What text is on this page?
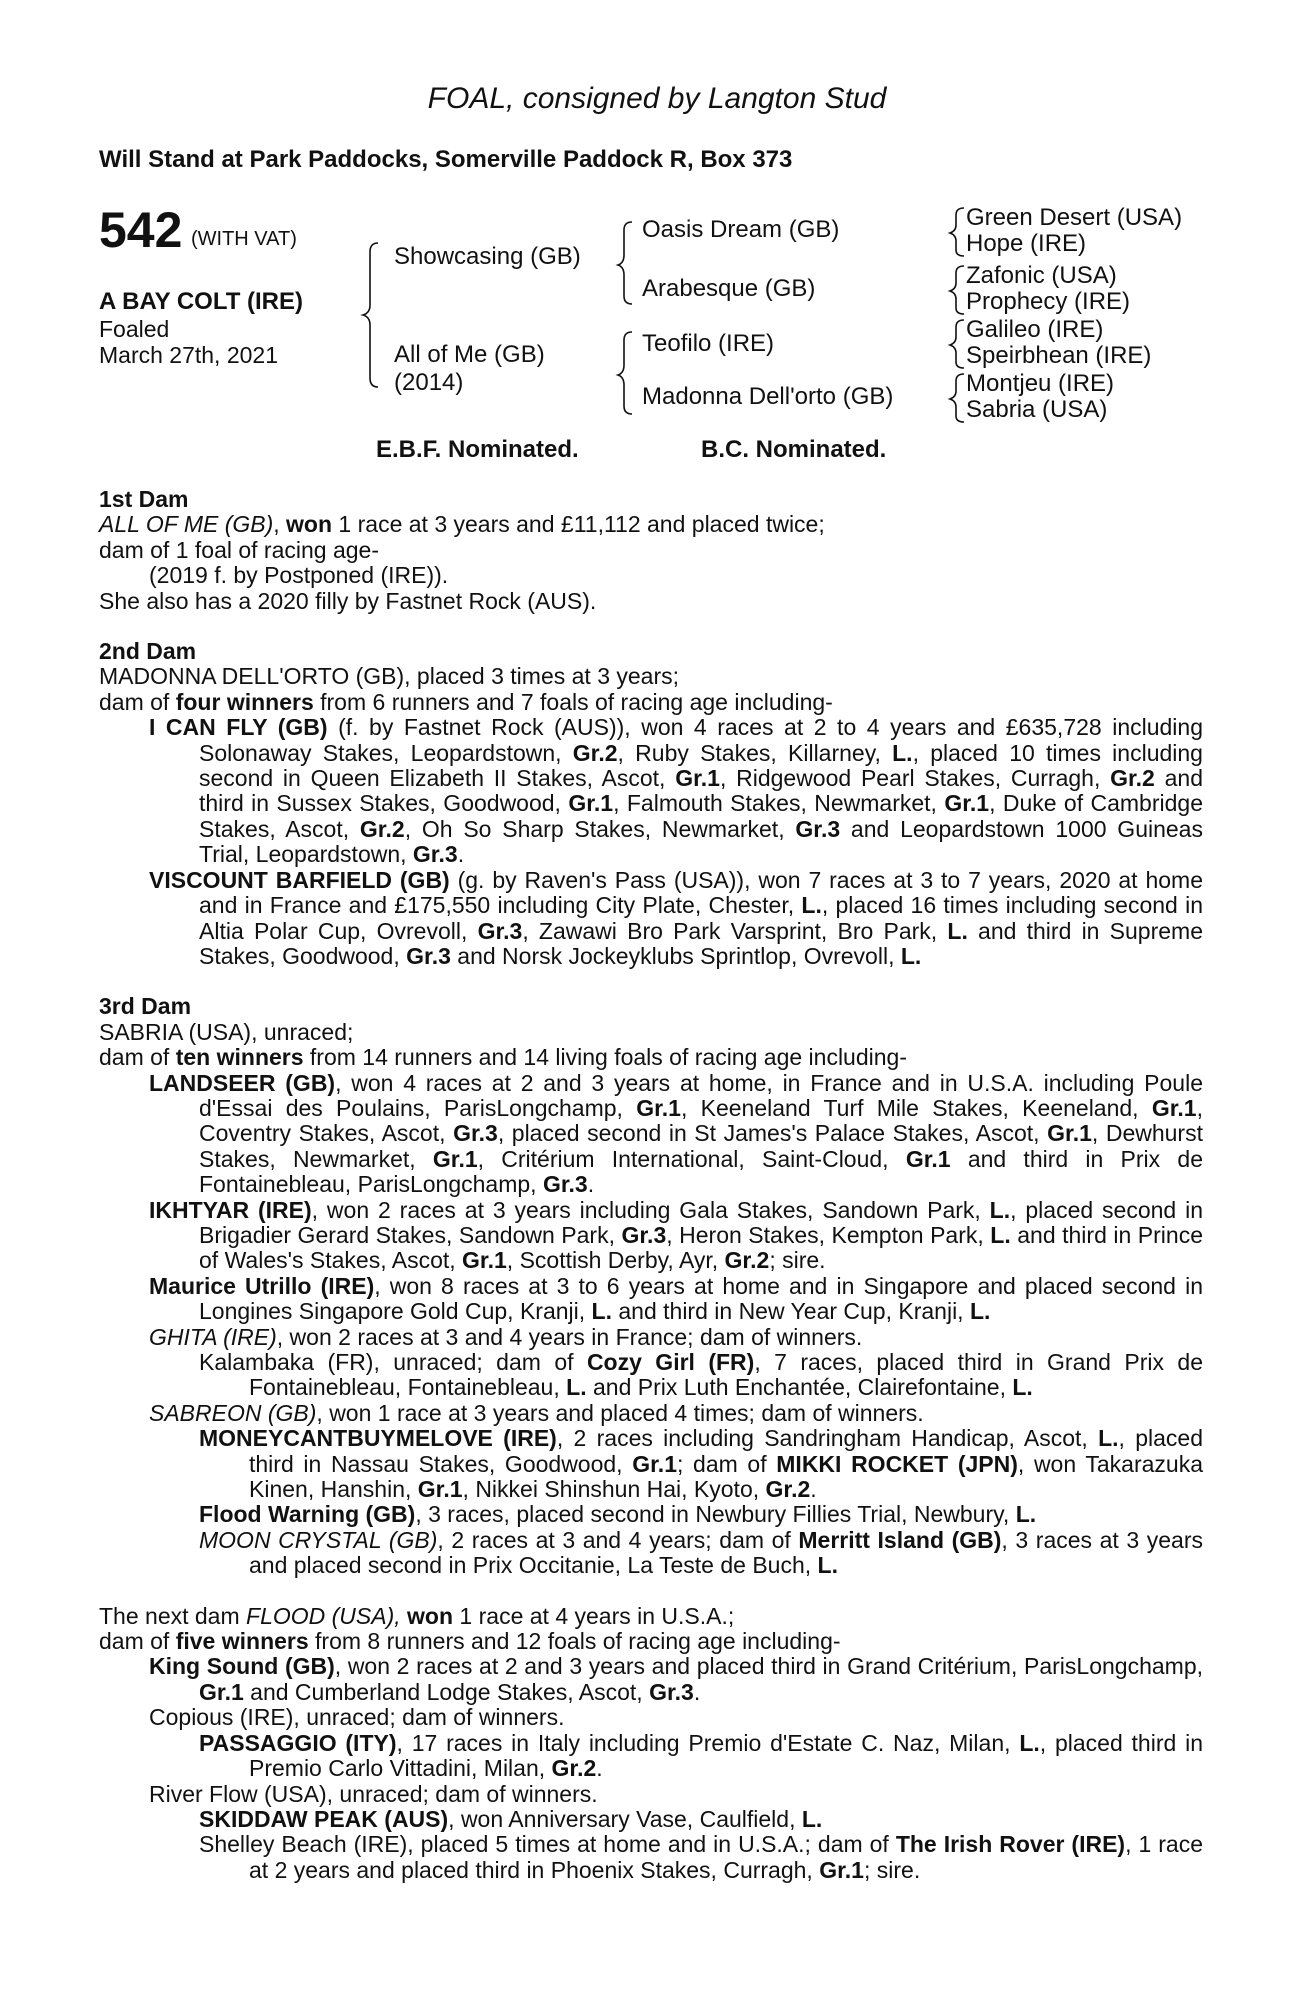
FOAL, consigned by Langton Stud
Will Stand at Park Paddocks, Somerville Paddock R, Box 373
542 (WITH VAT)
A BAY COLT (IRE)
Foaled
March 27th, 2021
Showcasing (GB)
All of Me (GB)
(2014)
Oasis Dream (GB)
Arabesque (GB)
Teofilo (IRE)
Madonna Dell'orto (GB)
Green Desert (USA)
Hope (IRE)
Zafonic (USA)
Prophecy (IRE)
Galileo (IRE)
Speirbhean (IRE)
Montjeu (IRE)
Sabria (USA)
E.B.F. Nominated.	B.C. Nominated.

1st Dam

ALL OF ME (GB), won 1 race at 3 years and £11,112 and placed twice;

dam of 1 foal of racing age-

(2019 f. by Postponed (IRE)).

She also has a 2020 filly by Fastnet Rock (AUS).

2nd Dam

MADONNA DELL'ORTO (GB), placed 3 times at 3 years;

dam of four winners from 6 runners and 7 foals of racing age including-

I CAN FLY (GB) (f. by Fastnet Rock (AUS)), won 4 races at 2 to 4 years and £635,728 including Solonaway Stakes, Leopardstown, Gr.2, Ruby Stakes, Killarney, L., placed 10 times including second in Queen Elizabeth II Stakes, Ascot, Gr.1, Ridgewood Pearl Stakes, Curragh, Gr.2 and third in Sussex Stakes, Goodwood, Gr.1, Falmouth Stakes, Newmarket, Gr.1, Duke of Cambridge Stakes, Ascot, Gr.2, Oh So Sharp Stakes, Newmarket, Gr.3 and Leopardstown 1000 Guineas Trial, Leopardstown, Gr.3.

VISCOUNT BARFIELD (GB) (g. by Raven's Pass (USA)), won 7 races at 3 to 7 years, 2020 at home and in France and £175,550 including City Plate, Chester, L., placed 16 times including second in Altia Polar Cup, Ovrevoll, Gr.3, Zawawi Bro Park Varsprint, Bro Park, L. and third in Supreme Stakes, Goodwood, Gr.3 and Norsk Jockeyklubs Sprintlop, Ovrevoll, L.

3rd Dam

SABRIA (USA), unraced;

dam of ten winners from 14 runners and 14 living foals of racing age including-

LANDSEER (GB), won 4 races at 2 and 3 years at home, in France and in U.S.A. including Poule d'Essai des Poulains, ParisLongchamp, Gr.1, Keeneland Turf Mile Stakes, Keeneland, Gr.1, Coventry Stakes, Ascot, Gr.3, placed second in St James's Palace Stakes, Ascot, Gr.1, Dewhurst Stakes, Newmarket, Gr.1, Critérium International, Saint-Cloud, Gr.1 and third in Prix de Fontainebleau, ParisLongchamp, Gr.3.

IKHTYAR (IRE), won 2 races at 3 years including Gala Stakes, Sandown Park, L., placed second in Brigadier Gerard Stakes, Sandown Park, Gr.3, Heron Stakes, Kempton Park, L. and third in Prince of Wales's Stakes, Ascot, Gr.1, Scottish Derby, Ayr, Gr.2; sire.

Maurice Utrillo (IRE), won 8 races at 3 to 6 years at home and in Singapore and placed second in Longines Singapore Gold Cup, Kranji, L. and third in New Year Cup, Kranji, L.

GHITA (IRE), won 2 races at 3 and 4 years in France; dam of winners.

Kalambaka (FR), unraced; dam of Cozy Girl (FR), 7 races, placed third in Grand Prix de Fontainebleau, Fontainebleau, L. and Prix Luth Enchantée, Clairefontaine, L.

SABREON (GB), won 1 race at 3 years and placed 4 times; dam of winners.

MONEYCANTBUYMELOVE (IRE), 2 races including Sandringham Handicap, Ascot, L., placed third in Nassau Stakes, Goodwood, Gr.1; dam of MIKKI ROCKET (JPN), won Takarazuka Kinen, Hanshin, Gr.1, Nikkei Shinshun Hai, Kyoto, Gr.2.

Flood Warning (GB), 3 races, placed second in Newbury Fillies Trial, Newbury, L.

MOON CRYSTAL (GB), 2 races at 3 and 4 years; dam of Merritt Island (GB), 3 races at 3 years and placed second in Prix Occitanie, La Teste de Buch, L.

The next dam FLOOD (USA), won 1 race at 4 years in U.S.A.;

dam of five winners from 8 runners and 12 foals of racing age including-

King Sound (GB), won 2 races at 2 and 3 years and placed third in Grand Critérium, ParisLongchamp, Gr.1 and Cumberland Lodge Stakes, Ascot, Gr.3.

Copious (IRE), unraced; dam of winners.

PASSAGGIO (ITY), 17 races in Italy including Premio d'Estate C. Naz, Milan, L., placed third in Premio Carlo Vittadini, Milan, Gr.2.

River Flow (USA), unraced; dam of winners.

SKIDDAW PEAK (AUS), won Anniversary Vase, Caulfield, L.

Shelley Beach (IRE), placed 5 times at home and in U.S.A.; dam of The Irish Rover (IRE), 1 race at 2 years and placed third in Phoenix Stakes, Curragh, Gr.1; sire.
